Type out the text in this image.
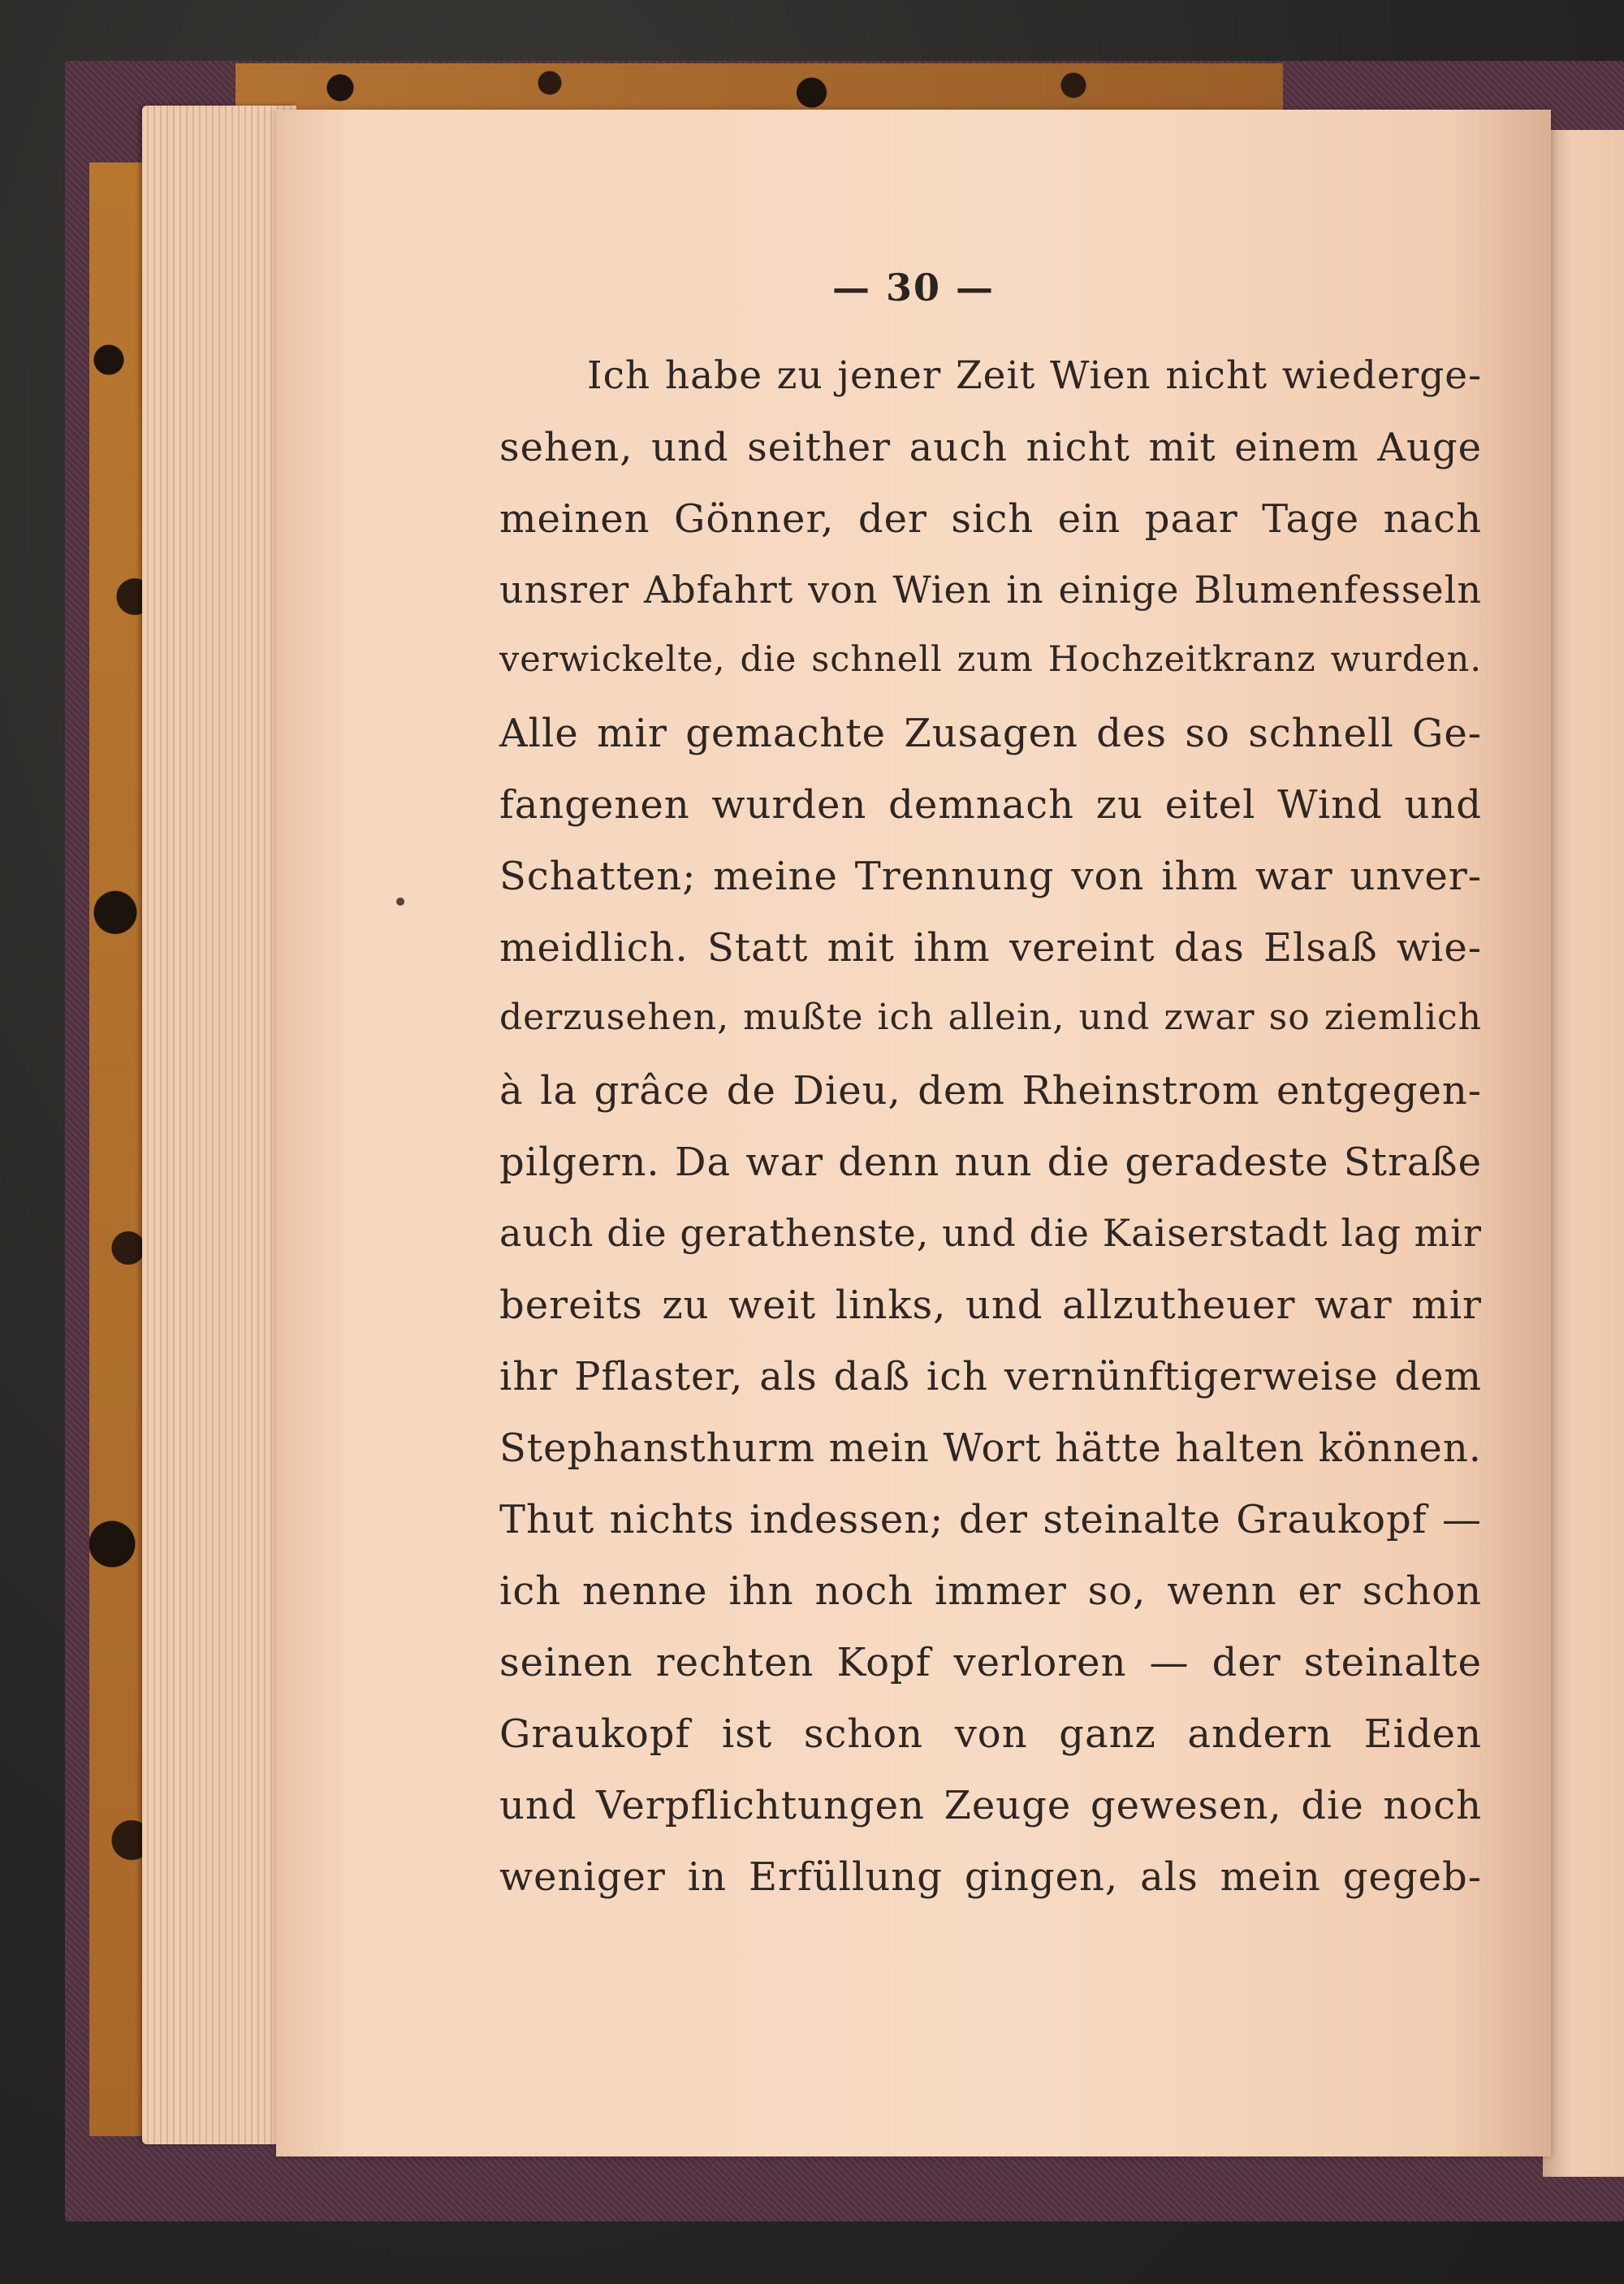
— 30 —
Ich habe zu jener Zeit Wien nicht wiederge-
sehen, und seither auch nicht mit einem Auge
meinen Gönner, der sich ein paar Tage nach
unsrer Abfahrt von Wien in einige Blumenfesseln
verwickelte, die schnell zum Hochzeitkranz wurden.
Alle mir gemachte Zusagen des so schnell Ge-
fangenen wurden demnach zu eitel Wind und
Schatten; meine Trennung von ihm war unver-
meidlich. Statt mit ihm vereint das Elsaß wie-
derzusehen, mußte ich allein, und zwar so ziemlich
à la grâce de Dieu, dem Rheinstrom entgegen-
pilgern. Da war denn nun die geradeste Straße
auch die gerathenste, und die Kaiserstadt lag mir
bereits zu weit links, und allzutheuer war mir
ihr Pflaster, als daß ich vernünftigerweise dem
Stephansthurm mein Wort hätte halten können.
Thut nichts indessen; der steinalte Graukopf —
ich nenne ihn noch immer so, wenn er schon
seinen rechten Kopf verloren — der steinalte
Graukopf ist schon von ganz andern Eiden
und Verpflichtungen Zeuge gewesen, die noch
weniger in Erfüllung gingen, als mein gegeb-
